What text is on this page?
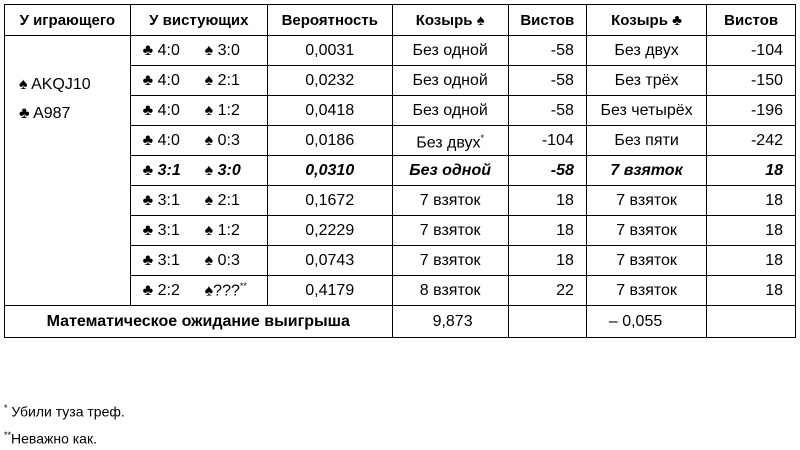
У играющего	У вистующих	Вероятность	Козырь ♠	Вистов	Козырь ♣	Вистов

♠ AKQJ10
♣ A987	♣ 4:0 ♠ 3:0	0,0031	Без одной	-58	Без двух	-104
	♣ 4:0 ♠ 2:1	0,0232	Без одной	-58	Без трёх	-150
	♣ 4:0 ♠ 1:2	0,0418	Без одной	-58	Без четырёх	-196
	♣ 4:0 ♠ 0:3	0,0186	Без двух*	-104	Без пяти	-242
	♣ 3:1 ♠ 3:0	0,0310	Без одной	-58	7 взяток	18
	♣ 3:1 ♠ 2:1	0,1672	7 взяток	18	7 взяток	18
	♣ 3:1 ♠ 1:2	0,2229	7 взяток	18	7 взяток	18
	♣ 3:1 ♠ 0:3	0,0743	7 взяток	18	7 взяток	18
	♣ 2:2 ♠???**	0,4179	8 взяток	22	7 взяток	18
Математическое ожидание выигрыша			9,873		– 0,055	
* Убили туза треф.
**Неважно как.
